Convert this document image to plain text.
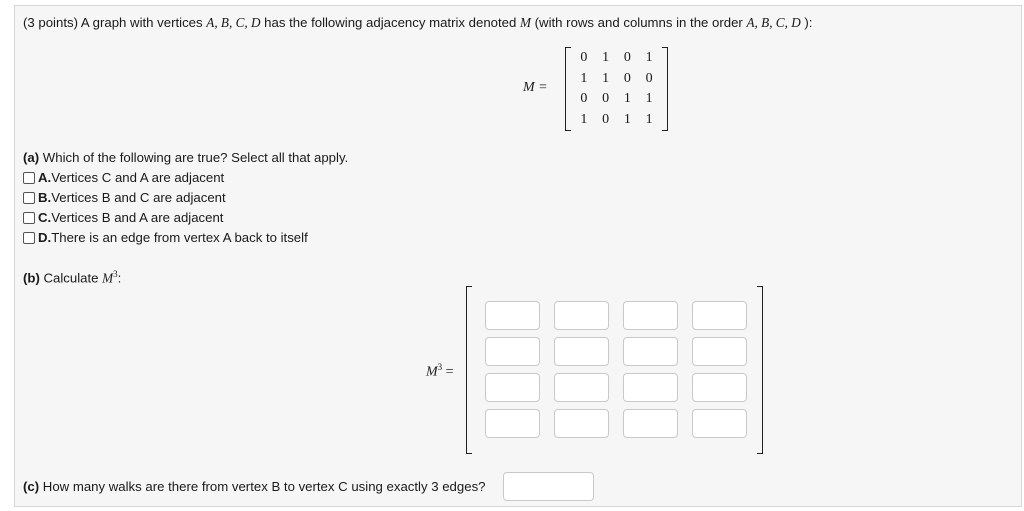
(3 points) A graph with vertices A, B, C, D has the following adjacency matrix denoted M (with rows and columns in the order A, B, C, D ):
M =
0	1	0	1
1	1	0	0
0	0	1	1
1	0	1	1
(a) Which of the following are true? Select all that apply.
A. Vertices C and A are adjacent
B. Vertices B and C are adjacent
C. Vertices B and A are adjacent
D. There is an edge from vertex A back to itself
(b) Calculate $M^3$:
$M^3$ =
(c) How many walks are there from vertex B to vertex C using exactly 3 edges?
